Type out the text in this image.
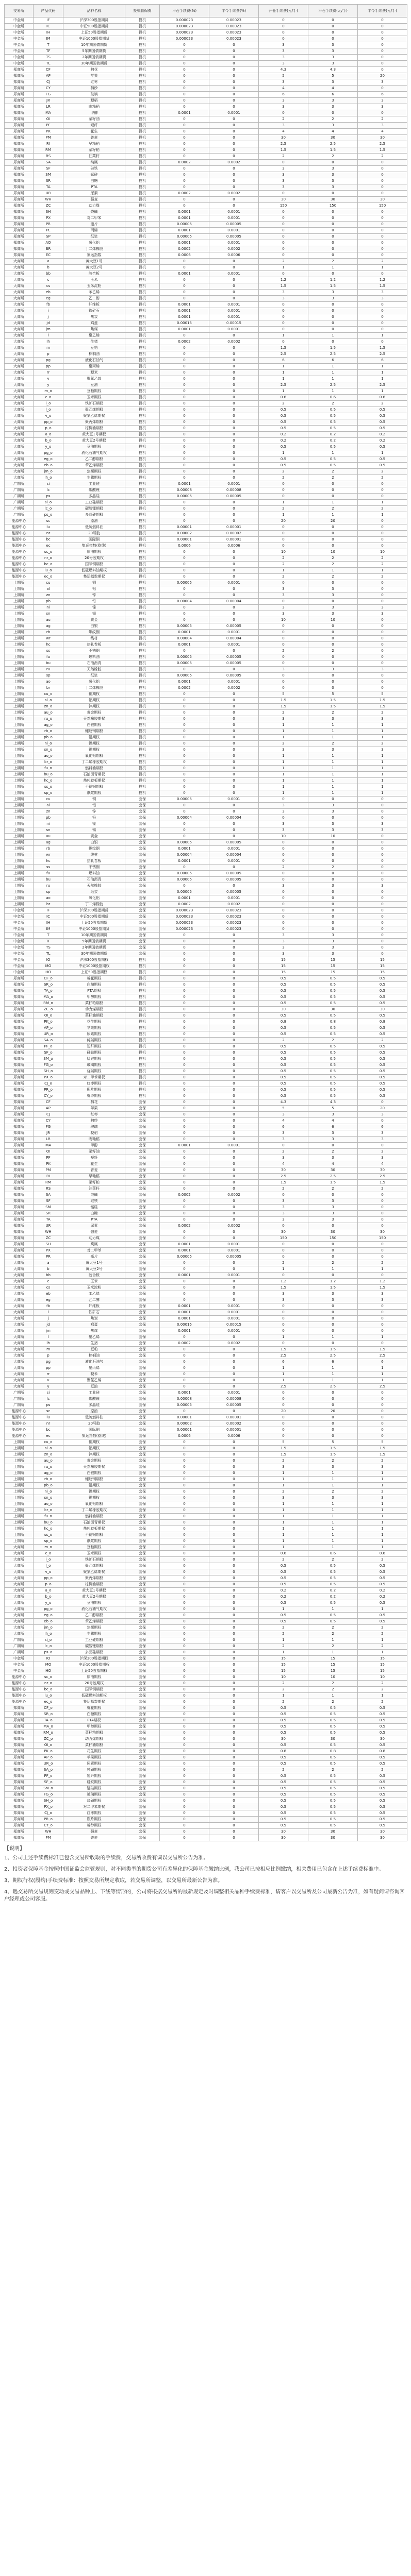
交易所	产品代码	品种名称	投机套保费	平仓手续费(%)	平今手续费(%)	开仓手续费(元/手)	平仓手续费(元/手)	平今手续费(元/手)
中金所	IF	沪深300股指期货	投机	0.000023	0.00023	0	0	0
中金所	IC	中证500股指期货	投机	0.000023	0.00023	0	0	0
中金所	IH	上证50股指期货	投机	0.000023	0.00023	0	0	0
中金所	IM	中证1000股指期货	投机	0.000023	0.00023	0	0	0
中金所	T	10年期国债期货	投机	0	0	3	3	0
中金所	TF	5年期国债期货	投机	0	0	3	3	0
中金所	TS	2年期国债期货	投机	0	0	3	3	0
中金所	TL	30年期国债期货	投机	0	0	3	3	0
郑商所	CF	棉花	投机	0	0	4.3	4.3	0
郑商所	AP	苹果	投机	0	0	5	5	20
郑商所	CJ	红枣	投机	0	0	3	3	3
郑商所	CY	棉纱	投机	0	0	4	4	0
郑商所	FG	玻璃	投机	0	0	6	6	6
郑商所	JR	粳稻	投机	0	0	3	3	3
郑商所	LR	晚籼稻	投机	0	0	3	3	3
郑商所	MA	甲醇	投机	0.0001	0.0001	0	0	0
郑商所	OI	菜籽油	投机	0	0	2	2	2
郑商所	PF	短纤	投机	0	0	3	3	3
郑商所	PK	花生	投机	0	0	4	4	4
郑商所	PM	普麦	投机	0	0	30	30	30
郑商所	RI	早籼稻	投机	0	0	2.5	2.5	2.5
郑商所	RM	菜籽粕	投机	0	0	1.5	1.5	1.5
郑商所	RS	油菜籽	投机	0	0	2	2	2
郑商所	SA	纯碱	投机	0.0002	0.0002	0	0	0
郑商所	SF	硅铁	投机	0	0	3	3	0
郑商所	SM	锰硅	投机	0	0	3	3	0
郑商所	SR	白糖	投机	0	0	3	3	0
郑商所	TA	PTA	投机	0	0	3	3	0
郑商所	UR	尿素	投机	0.0002	0.0002	0	0	0
郑商所	WH	强麦	投机	0	0	30	30	30
郑商所	ZC	动力煤	投机	0	0	150	150	150
郑商所	SH	烧碱	投机	0.0001	0.0001	0	0	0
郑商所	PX	对二甲苯	投机	0.0001	0.0001	0	0	0
郑商所	PR	瓶片	投机	0.00005	0.00005	0	0	0
郑商所	PL	丙烯	投机	0.0001	0.0001	0	0	0
郑商所	SP	纸浆	投机	0.00005	0.00005	0	0	0
郑商所	AO	氧化铝	投机	0.0001	0.0001	0	0	0
郑商所	BR	丁二烯橡胶	投机	0.0002	0.0002	0	0	0
郑商所	EC	集运指数	投机	0.0006	0.0006	0	0	0
大商所	a	黄大豆1号	投机	0	0	2	2	2
大商所	b	黄大豆2号	投机	0	0	1	1	1
大商所	bb	胶合板	投机	0.0001	0.0001	0	0	0
大商所	c	玉米	投机	0	0	1.2	1.2	1.2
大商所	cs	玉米淀粉	投机	0	0	1.5	1.5	1.5
大商所	eb	苯乙烯	投机	0	0	3	3	3
大商所	eg	乙二醇	投机	0	0	3	3	3
大商所	fb	纤维板	投机	0.0001	0.0001	0	0	0
大商所	i	铁矿石	投机	0.0001	0.0001	0	0	0
大商所	j	焦炭	投机	0.0001	0.0001	0	0	0
大商所	jd	鸡蛋	投机	0.00015	0.00015	0	0	0
大商所	jm	焦煤	投机	0.0001	0.0001	0	0	0
大商所	l	聚乙烯	投机	0	0	1	1	1
大商所	lh	生猪	投机	0.0002	0.0002	0	0	0
大商所	m	豆粕	投机	0	0	1.5	1.5	1.5
大商所	p	棕榈油	投机	0	0	2.5	2.5	2.5
大商所	pg	液化石油气	投机	0	0	6	6	6
大商所	pp	聚丙烯	投机	0	0	1	1	1
大商所	rr	粳米	投机	0	0	1	1	1
大商所	v	聚氯乙烯	投机	0	0	1	1	1
大商所	y	豆油	投机	0	0	2.5	2.5	2.5
大商所	m_o	豆粕期权	投机	0	0	1	1	1
大商所	c_o	玉米期权	投机	0	0	0.6	0.6	0.6
大商所	i_o	铁矿石期权	投机	0	0	2	2	2
大商所	l_o	聚乙烯期权	投机	0	0	0.5	0.5	0.5
大商所	v_o	聚氯乙烯期权	投机	0	0	0.5	0.5	0.5
大商所	pp_o	聚丙烯期权	投机	0	0	0.5	0.5	0.5
大商所	p_o	棕榈油期权	投机	0	0	0.5	0.5	0.5
大商所	a_o	黄大豆1号期权	投机	0	0	0.2	0.2	0.2
大商所	b_o	黄大豆2号期权	投机	0	0	0.2	0.2	0.2
大商所	y_o	豆油期权	投机	0	0	0.5	0.5	0.5
大商所	pg_o	液化石油气期权	投机	0	0	1	1	1
大商所	eg_o	乙二醇期权	投机	0	0	0.5	0.5	0.5
大商所	eb_o	苯乙烯期权	投机	0	0	0.5	0.5	0.5
大商所	jm_o	焦煤期权	投机	0	0	2	2	2
大商所	lh_o	生猪期权	投机	0	0	2	2	2
广期所	si	工业硅	投机	0.0001	0.0001	0	0	0
广期所	lc	碳酸锂	投机	0.00008	0.00008	0	0	0
广期所	ps	多晶硅	投机	0.00005	0.00005	0	0	0
广期所	si_o	工业硅期权	投机	0	0	1	1	1
广期所	lc_o	碳酸锂期权	投机	0	0	2	2	2
广期所	ps_o	多晶硅期权	投机	0	0	1	1	1
能源中心	sc	原油	投机	0	0	20	20	0
能源中心	lu	低硫燃料油	投机	0.00001	0.00001	0	0	0
能源中心	nr	20号胶	投机	0.00002	0.00002	0	0	0
能源中心	bc	国际铜	投机	0.00001	0.00001	0	0	0
能源中心	ec	集运指数(欧线)	投机	0.0006	0.0006	0	0	0
能源中心	sc_o	原油期权	投机	0	0	10	10	10
能源中心	nr_o	20号胶期权	投机	0	0	2	2	2
能源中心	bc_o	国际铜期权	投机	0	0	2	2	2
能源中心	lu_o	低硫燃料油期权	投机	0	0	1	1	1
能源中心	ec_o	集运指数期权	投机	0	0	2	2	2
上期所	cu	铜	投机	0.00005	0.0001	0	0	0
上期所	al	铝	投机	0	0	3	3	0
上期所	zn	锌	投机	0	0	3	3	0
上期所	pb	铅	投机	0.00004	0.00004	0	0	0
上期所	ni	镍	投机	0	0	3	3	3
上期所	sn	锡	投机	0	0	3	3	3
上期所	au	黄金	投机	0	0	10	10	0
上期所	ag	白银	投机	0.00005	0.00005	0	0	0
上期所	rb	螺纹钢	投机	0.0001	0.0001	0	0	0
上期所	wr	线材	投机	0.00004	0.00004	0	0	0
上期所	hc	热轧卷板	投机	0.0001	0.0001	0	0	0
上期所	ss	不锈钢	投机	0	0	2	2	0
上期所	fu	燃料油	投机	0.00005	0.00005	0	0	0
上期所	bu	石油沥青	投机	0.00005	0.00005	0	0	0
上期所	ru	天然橡胶	投机	0	0	3	3	3
上期所	sp	纸浆	投机	0.00005	0.00005	0	0	0
上期所	ao	氧化铝	投机	0.0001	0.0001	0	0	0
上期所	br	丁二烯橡胶	投机	0.0002	0.0002	0	0	0
上期所	cu_o	铜期权	投机	0	0	5	5	5
上期所	al_o	铝期权	投机	0	0	1.5	1.5	1.5
上期所	zn_o	锌期权	投机	0	0	1.5	1.5	1.5
上期所	au_o	黄金期权	投机	0	0	2	2	2
上期所	ru_o	天然橡胶期权	投机	0	0	3	3	3
上期所	ag_o	白银期权	投机	0	0	1	1	1
上期所	rb_o	螺纹钢期权	投机	0	0	1	1	1
上期所	pb_o	铅期权	投机	0	0	1	1	1
上期所	ni_o	镍期权	投机	0	0	2	2	2
上期所	sn_o	锡期权	投机	0	0	3	3	3
上期所	ao_o	氧化铝期权	投机	0	0	1	1	1
上期所	br_o	丁二烯橡胶期权	投机	0	0	1	1	1
上期所	fu_o	燃料油期权	投机	0	0	1	1	1
上期所	bu_o	石油沥青期权	投机	0	0	1	1	1
上期所	hc_o	热轧卷板期权	投机	0	0	1	1	1
上期所	ss_o	不锈钢期权	投机	0	0	1	1	1
上期所	sp_o	纸浆期权	投机	0	0	1	1	1
上期所	cu	铜	套保	0.00005	0.0001	0	0	0
上期所	al	铝	套保	0	0	3	3	0
上期所	zn	锌	套保	0	0	3	3	0
上期所	pb	铅	套保	0.00004	0.00004	0	0	0
上期所	ni	镍	套保	0	0	3	3	3
上期所	sn	锡	套保	0	0	3	3	3
上期所	au	黄金	套保	0	0	10	10	0
上期所	ag	白银	套保	0.00005	0.00005	0	0	0
上期所	rb	螺纹钢	套保	0.0001	0.0001	0	0	0
上期所	wr	线材	套保	0.00004	0.00004	0	0	0
上期所	hc	热轧卷板	套保	0.0001	0.0001	0	0	0
上期所	ss	不锈钢	套保	0	0	2	2	0
上期所	fu	燃料油	套保	0.00005	0.00005	0	0	0
上期所	bu	石油沥青	套保	0.00005	0.00005	0	0	0
上期所	ru	天然橡胶	套保	0	0	3	3	3
上期所	sp	纸浆	套保	0.00005	0.00005	0	0	0
上期所	ao	氧化铝	套保	0.0001	0.0001	0	0	0
上期所	br	丁二烯橡胶	套保	0.0002	0.0002	0	0	0
中金所	IF	沪深300股指期货	套保	0.000023	0.00023	0	0	0
中金所	IC	中证500股指期货	套保	0.000023	0.00023	0	0	0
中金所	IH	上证50股指期货	套保	0.000023	0.00023	0	0	0
中金所	IM	中证1000股指期货	套保	0.000023	0.00023	0	0	0
中金所	T	10年期国债期货	套保	0	0	3	3	0
中金所	TF	5年期国债期货	套保	0	0	3	3	0
中金所	TS	2年期国债期货	套保	0	0	3	3	0
中金所	TL	30年期国债期货	套保	0	0	3	3	0
中金所	IO	沪深300股指期权	投机	0	0	15	15	15
中金所	MO	中证1000股指期权	投机	0	0	15	15	15
中金所	HO	上证50股指期权	投机	0	0	15	15	15
郑商所	CF_o	棉花期权	投机	0	0	0.5	0.5	0.5
郑商所	SR_o	白糖期权	投机	0	0	0.5	0.5	0.5
郑商所	TA_o	PTA期权	投机	0	0	0.5	0.5	0.5
郑商所	MA_o	甲醇期权	投机	0	0	0.5	0.5	0.5
郑商所	RM_o	菜籽粕期权	投机	0	0	0.5	0.5	0.5
郑商所	ZC_o	动力煤期权	投机	0	0	30	30	30
郑商所	OI_o	菜籽油期权	投机	0	0	0.5	0.5	0.5
郑商所	PK_o	花生期权	投机	0	0	0.8	0.8	0.8
郑商所	AP_o	苹果期权	投机	0	0	0.5	0.5	0.5
郑商所	UR_o	尿素期权	投机	0	0	0.5	0.5	0.5
郑商所	SA_o	纯碱期权	投机	0	0	2	2	2
郑商所	PF_o	短纤期权	投机	0	0	0.5	0.5	0.5
郑商所	SF_o	硅铁期权	投机	0	0	0.5	0.5	0.5
郑商所	SM_o	锰硅期权	投机	0	0	0.5	0.5	0.5
郑商所	FG_o	玻璃期权	投机	0	0	0.5	0.5	0.5
郑商所	SH_o	烧碱期权	投机	0	0	0.5	0.5	0.5
郑商所	PX_o	对二甲苯期权	投机	0	0	0.5	0.5	0.5
郑商所	CJ_o	红枣期权	投机	0	0	0.5	0.5	0.5
郑商所	PR_o	瓶片期权	投机	0	0	0.5	0.5	0.5
郑商所	CY_o	棉纱期权	投机	0	0	0.5	0.5	0.5
郑商所	CF	棉花	套保	0	0	4.3	4.3	0
郑商所	AP	苹果	套保	0	0	5	5	20
郑商所	CJ	红枣	套保	0	0	3	3	3
郑商所	CY	棉纱	套保	0	0	4	4	0
郑商所	FG	玻璃	套保	0	0	6	6	6
郑商所	JR	粳稻	套保	0	0	3	3	3
郑商所	LR	晚籼稻	套保	0	0	3	3	3
郑商所	MA	甲醇	套保	0.0001	0.0001	0	0	0
郑商所	OI	菜籽油	套保	0	0	2	2	2
郑商所	PF	短纤	套保	0	0	3	3	3
郑商所	PK	花生	套保	0	0	4	4	4
郑商所	PM	普麦	套保	0	0	30	30	30
郑商所	RI	早籼稻	套保	0	0	2.5	2.5	2.5
郑商所	RM	菜籽粕	套保	0	0	1.5	1.5	1.5
郑商所	RS	油菜籽	套保	0	0	2	2	2
郑商所	SA	纯碱	套保	0.0002	0.0002	0	0	0
郑商所	SF	硅铁	套保	0	0	3	3	0
郑商所	SM	锰硅	套保	0	0	3	3	0
郑商所	SR	白糖	套保	0	0	3	3	0
郑商所	TA	PTA	套保	0	0	3	3	0
郑商所	UR	尿素	套保	0.0002	0.0002	0	0	0
郑商所	WH	强麦	套保	0	0	30	30	30
郑商所	ZC	动力煤	套保	0	0	150	150	150
郑商所	SH	烧碱	套保	0.0001	0.0001	0	0	0
郑商所	PX	对二甲苯	套保	0.0001	0.0001	0	0	0
郑商所	PR	瓶片	套保	0.00005	0.00005	0	0	0
大商所	a	黄大豆1号	套保	0	0	2	2	2
大商所	b	黄大豆2号	套保	0	0	1	1	1
大商所	bb	胶合板	套保	0.0001	0.0001	0	0	0
大商所	c	玉米	套保	0	0	1.2	1.2	1.2
大商所	cs	玉米淀粉	套保	0	0	1.5	1.5	1.5
大商所	eb	苯乙烯	套保	0	0	3	3	3
大商所	eg	乙二醇	套保	0	0	3	3	3
大商所	fb	纤维板	套保	0.0001	0.0001	0	0	0
大商所	i	铁矿石	套保	0.0001	0.0001	0	0	0
大商所	j	焦炭	套保	0.0001	0.0001	0	0	0
大商所	jd	鸡蛋	套保	0.00015	0.00015	0	0	0
大商所	jm	焦煤	套保	0.0001	0.0001	0	0	0
大商所	l	聚乙烯	套保	0	0	1	1	1
大商所	lh	生猪	套保	0.0002	0.0002	0	0	0
大商所	m	豆粕	套保	0	0	1.5	1.5	1.5
大商所	p	棕榈油	套保	0	0	2.5	2.5	2.5
大商所	pg	液化石油气	套保	0	0	6	6	6
大商所	pp	聚丙烯	套保	0	0	1	1	1
大商所	rr	粳米	套保	0	0	1	1	1
大商所	v	聚氯乙烯	套保	0	0	1	1	1
大商所	y	豆油	套保	0	0	2.5	2.5	2.5
广期所	si	工业硅	套保	0.0001	0.0001	0	0	0
广期所	lc	碳酸锂	套保	0.00008	0.00008	0	0	0
广期所	ps	多晶硅	套保	0.00005	0.00005	0	0	0
能源中心	sc	原油	套保	0	0	20	20	0
能源中心	lu	低硫燃料油	套保	0.00001	0.00001	0	0	0
能源中心	nr	20号胶	套保	0.00002	0.00002	0	0	0
能源中心	bc	国际铜	套保	0.00001	0.00001	0	0	0
能源中心	ec	集运指数(欧线)	套保	0.0006	0.0006	0	0	0
上期所	cu_o	铜期权	套保	0	0	5	5	5
上期所	al_o	铝期权	套保	0	0	1.5	1.5	1.5
上期所	zn_o	锌期权	套保	0	0	1.5	1.5	1.5
上期所	au_o	黄金期权	套保	0	0	2	2	2
上期所	ru_o	天然橡胶期权	套保	0	0	3	3	3
上期所	ag_o	白银期权	套保	0	0	1	1	1
上期所	rb_o	螺纹钢期权	套保	0	0	1	1	1
上期所	pb_o	铅期权	套保	0	0	1	1	1
上期所	ni_o	镍期权	套保	0	0	2	2	2
上期所	sn_o	锡期权	套保	0	0	3	3	3
上期所	ao_o	氧化铝期权	套保	0	0	1	1	1
上期所	br_o	丁二烯橡胶期权	套保	0	0	1	1	1
上期所	fu_o	燃料油期权	套保	0	0	1	1	1
上期所	bu_o	石油沥青期权	套保	0	0	1	1	1
上期所	hc_o	热轧卷板期权	套保	0	0	1	1	1
上期所	ss_o	不锈钢期权	套保	0	0	1	1	1
上期所	sp_o	纸浆期权	套保	0	0	1	1	1
大商所	m_o	豆粕期权	套保	0	0	1	1	1
大商所	c_o	玉米期权	套保	0	0	0.6	0.6	0.6
大商所	i_o	铁矿石期权	套保	0	0	2	2	2
大商所	l_o	聚乙烯期权	套保	0	0	0.5	0.5	0.5
大商所	v_o	聚氯乙烯期权	套保	0	0	0.5	0.5	0.5
大商所	pp_o	聚丙烯期权	套保	0	0	0.5	0.5	0.5
大商所	p_o	棕榈油期权	套保	0	0	0.5	0.5	0.5
大商所	a_o	黄大豆1号期权	套保	0	0	0.2	0.2	0.2
大商所	b_o	黄大豆2号期权	套保	0	0	0.2	0.2	0.2
大商所	y_o	豆油期权	套保	0	0	0.5	0.5	0.5
大商所	pg_o	液化石油气期权	套保	0	0	1	1	1
大商所	eg_o	乙二醇期权	套保	0	0	0.5	0.5	0.5
大商所	eb_o	苯乙烯期权	套保	0	0	0.5	0.5	0.5
大商所	jm_o	焦煤期权	套保	0	0	2	2	2
大商所	lh_o	生猪期权	套保	0	0	2	2	2
广期所	si_o	工业硅期权	套保	0	0	1	1	1
广期所	lc_o	碳酸锂期权	套保	0	0	2	2	2
广期所	ps_o	多晶硅期权	套保	0	0	1	1	1
中金所	IO	沪深300股指期权	套保	0	0	15	15	15
中金所	MO	中证1000股指期权	套保	0	0	15	15	15
中金所	HO	上证50股指期权	套保	0	0	15	15	15
能源中心	sc_o	原油期权	套保	0	0	10	10	10
能源中心	nr_o	20号胶期权	套保	0	0	2	2	2
能源中心	bc_o	国际铜期权	套保	0	0	2	2	2
能源中心	lu_o	低硫燃料油期权	套保	0	0	1	1	1
能源中心	ec_o	集运指数期权	套保	0	0	2	2	2
郑商所	CF_o	棉花期权	套保	0	0	0.5	0.5	0.5
郑商所	SR_o	白糖期权	套保	0	0	0.5	0.5	0.5
郑商所	TA_o	PTA期权	套保	0	0	0.5	0.5	0.5
郑商所	MA_o	甲醇期权	套保	0	0	0.5	0.5	0.5
郑商所	RM_o	菜籽粕期权	套保	0	0	0.5	0.5	0.5
郑商所	ZC_o	动力煤期权	套保	0	0	30	30	30
郑商所	OI_o	菜籽油期权	套保	0	0	0.5	0.5	0.5
郑商所	PK_o	花生期权	套保	0	0	0.8	0.8	0.8
郑商所	AP_o	苹果期权	套保	0	0	0.5	0.5	0.5
郑商所	UR_o	尿素期权	套保	0	0	0.5	0.5	0.5
郑商所	SA_o	纯碱期权	套保	0	0	2	2	2
郑商所	PF_o	短纤期权	套保	0	0	0.5	0.5	0.5
郑商所	SF_o	硅铁期权	套保	0	0	0.5	0.5	0.5
郑商所	SM_o	锰硅期权	套保	0	0	0.5	0.5	0.5
郑商所	FG_o	玻璃期权	套保	0	0	0.5	0.5	0.5
郑商所	SH_o	烧碱期权	套保	0	0	0.5	0.5	0.5
郑商所	PX_o	对二甲苯期权	套保	0	0	0.5	0.5	0.5
郑商所	CJ_o	红枣期权	套保	0	0	0.5	0.5	0.5
郑商所	PR_o	瓶片期权	套保	0	0	0.5	0.5	0.5
郑商所	CY_o	棉纱期权	套保	0	0	0.5	0.5	0.5
郑商所	WH	强麦	套保	0	0	30	30	30
郑商所	PM	普麦	套保	0	0	30	30	30

【说明】

1、公司上述手续费标准已包含交易所收取的手续费，交易所收费有调以交易所公告为准。

2、投资者保障基金按照中国证监会监管规则，对不同类型的期货公司有差异化的保障基金缴纳比例，我公司已按相应比例缴纳，相关费用已包含在上述手续费标准中。

3、期权行权(履约)手续费标准：按照交易所规定收取，若交易所调整，以交易所最新公告为准。

4、遇交易所交易规则变动或交易品种上、下线等情形的，公司将根据交易所的最新规定及时调整相关品种手续费标准，请客户以交易所及公司最新公告为准，如有疑问请咨询客户经理或公司客服。
